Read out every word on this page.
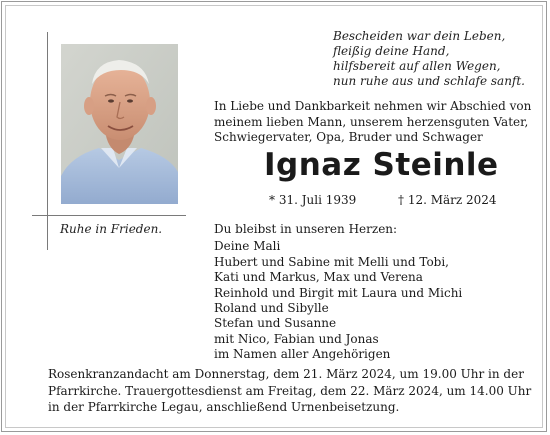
Ruhe in Frieden.
Bescheiden war dein Leben,
fleißig deine Hand,
hilfsbereit auf allen Wegen,
nun ruhe aus und schlafe sanft.
In Liebe und Dankbarkeit nehmen wir Abschied von
meinem lieben Mann, unserem herzensguten Vater,
Schwiegervater, Opa, Bruder und Schwager
Ignaz Steinle
* 31. Juli 1939	† 12. März 2024
Du bleibst in unseren Herzen:
Deine Mali
Hubert und Sabine mit Melli und Tobi,
Kati und Markus, Max und Verena
Reinhold und Birgit mit Laura und Michi
Roland und Sibylle
Stefan und Susanne
mit Nico, Fabian und Jonas
im Namen aller Angehörigen
Rosenkranzandacht am Donnerstag, dem 21. März 2024, um 19.00 Uhr in der
Pfarrkirche. Trauergottesdienst am Freitag, dem 22. März 2024, um 14.00 Uhr
in der Pfarrkirche Legau, anschließend Urnenbeisetzung.
